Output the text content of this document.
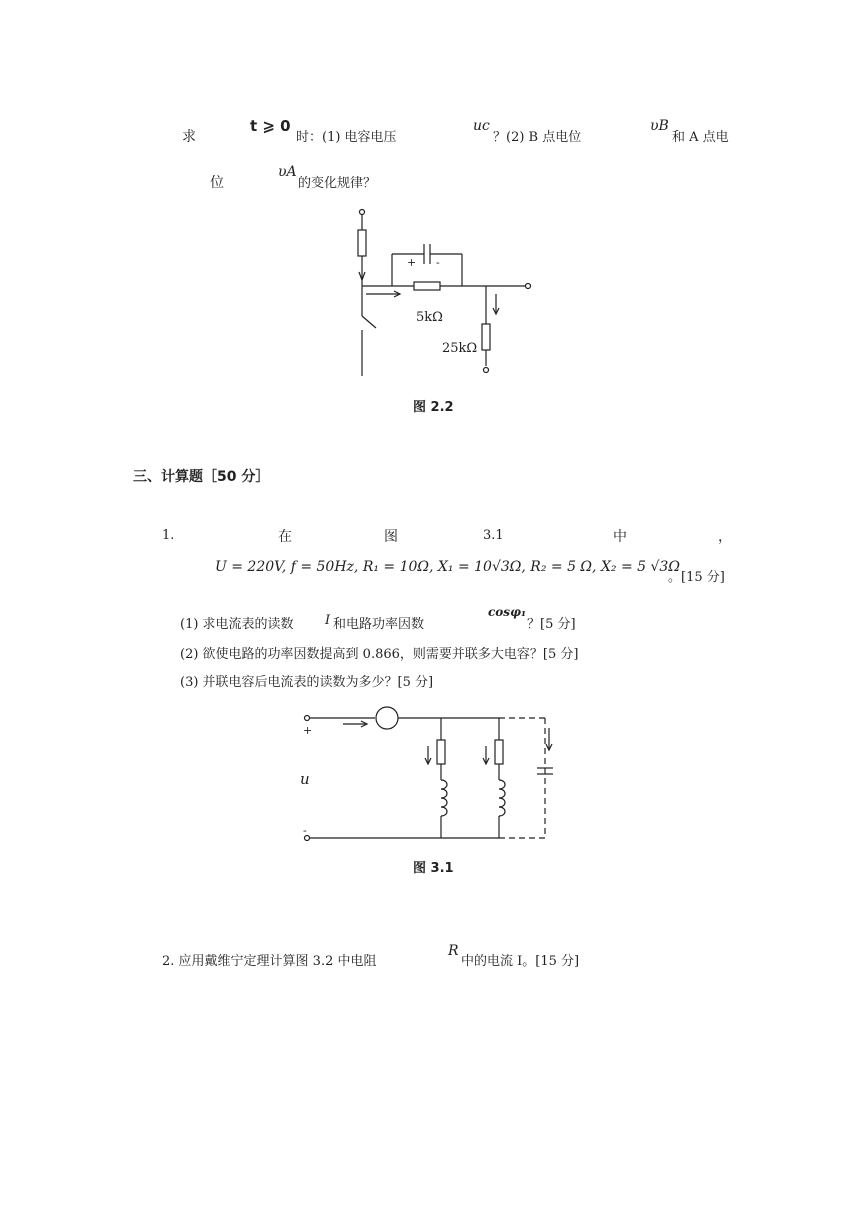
求
t ⩾ 0
时：(1) 电容电压
uc
？(2) B 点电位
υB
和 A 点电
位
υA
的变化规律？
+ -
5kΩ
25kΩ
图 2.2
三、计算题［50 分］
1.	在	图	3.1	中	，
U = 220V, f = 50Hz, R₁ = 10Ω, X₁ = 10√3Ω, R₂ = 5 Ω, X₂ = 5 √3Ω
。[15 分]
(1) 求电流表的读数 I 和电路功率因数
cosφ₁
？[5 分]
(2) 欲使电路的功率因数提高到 0.866，则需要并联多大电容？[5 分]
(3) 并联电容后电流表的读数为多少？[5 分]
+
-
u
图 3.1
2. 应用戴维宁定理计算图 3.2 中电阻
R
中的电流 I。[15 分]
